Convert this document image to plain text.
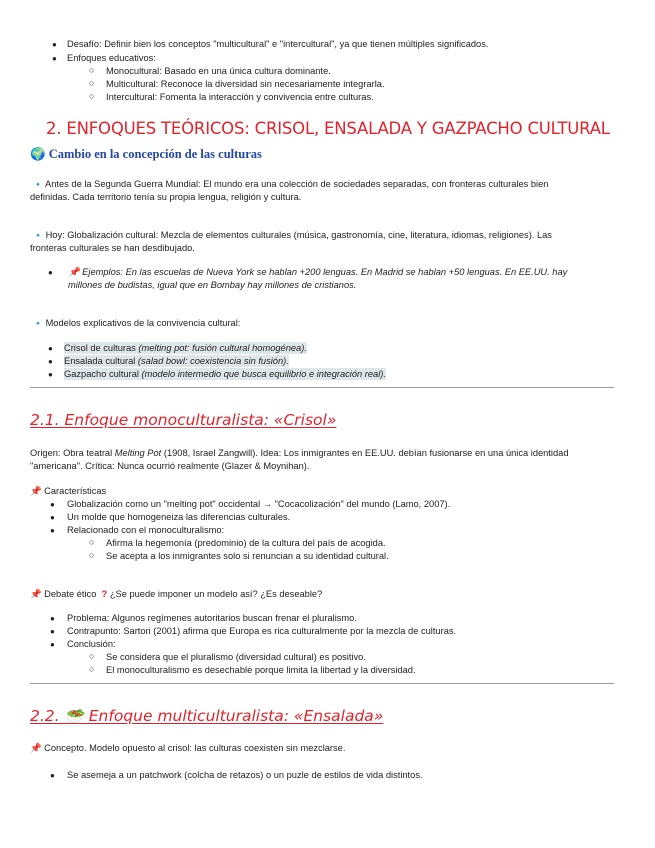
● Desafío: Definir bien los conceptos "multicultural" e "intercultural", ya que tienen múltiples significados.
● Enfoques educativos:
○ Monocultural: Basado en una única cultura dominante.
○ Multicultural: Reconoce la diversidad sin necesariamente integrarla.
○ Intercultural: Fomenta la interacción y convivencia entre culturas.
2. ENFOQUES TEÓRICOS: CRISOL, ENSALADA Y GAZPACHO CULTURAL
🌍 Cambio en la concepción de las culturas
🔹 Antes de la Segunda Guerra Mundial: El mundo era una colección de sociedades separadas, con fronteras culturales bien
definidas. Cada territorio tenía su propia lengua, religión y cultura.
🔹 Hoy: Globalización cultural: Mezcla de elementos culturales (música, gastronomía, cine, literatura, idiomas, religiones). Las
fronteras culturales se han desdibujado.
● 📌 Ejemplos: En las escuelas de Nueva York se hablan +200 lenguas. En Madrid se hablan +50 lenguas. En EE.UU. hay
millones de budistas, igual que en Bombay hay millones de cristianos.
🔹 Modelos explicativos de la convivencia cultural:
● Crisol de culturas (melting pot: fusión cultural homogénea).
● Ensalada cultural (salad bowl: coexistencia sin fusión).
● Gazpacho cultural (modelo intermedio que busca equilibrio e integración real).
2.1. Enfoque monoculturalista: «Crisol»
Origen: Obra teatral Melting Pot (1908, Israel Zangwill). Idea: Los inmigrantes en EE.UU. debían fusionarse en una única identidad
"americana". Crítica: Nunca ocurrió realmente (Glazer & Moynihan).
📌 Características
● Globalización como un "melting pot" occidental → "Cocacolización" del mundo (Lamo, 2007).
● Un molde que homogeneiza las diferencias culturales.
● Relacionado con el monoculturalismo:
○ Afirma la hegemonía (predominio) de la cultura del país de acogida.
○ Se acepta a los inmigrantes solo si renuncian a su identidad cultural.
📌 Debate ético ? ¿Se puede imponer un modelo así? ¿Es deseable?
● Problema: Algunos regímenes autoritarios buscan frenar el pluralismo.
● Contrapunto: Sartori (2001) afirma que Europa es rica culturalmente por la mezcla de culturas.
● Conclusión:
○ Se considera que el pluralismo (diversidad cultural) es positivo.
○ El monoculturalismo es desechable porque limita la libertad y la diversidad.
2.2. 🥗 Enfoque multiculturalista: «Ensalada»
📌 Concepto. Modelo opuesto al crisol: las culturas coexisten sin mezclarse.
● Se asemeja a un patchwork (colcha de retazos) o un puzle de estilos de vida distintos.
